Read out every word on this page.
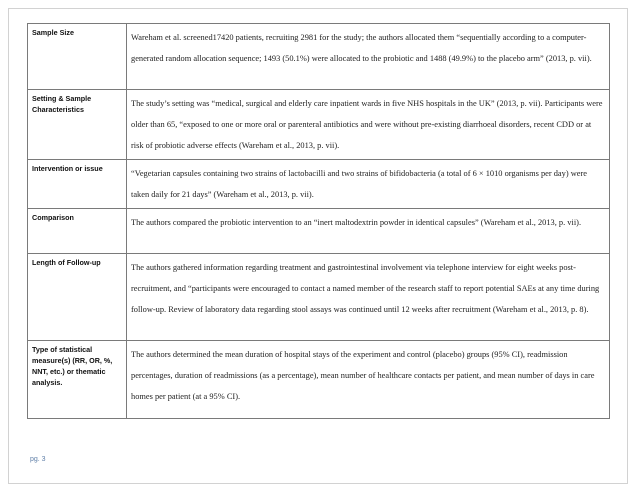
Sample Size	Wareham et al. screened17420 patients, recruiting 2981 for the study; the authors allocated them “sequentially according to a computer-generated random allocation sequence; 1493 (50.1%) were allocated to the probiotic and 1488 (49.9%) to the placebo arm” (2013, p. vii).

Setting & Sample Characteristics	The study’s setting was “medical, surgical and elderly care inpatient wards in five NHS hospitals in the UK” (2013, p. vii). Participants were older than 65, “exposed to one or more oral or parenteral antibiotics and were without pre-existing diarrhoeal disorders, recent CDD or at risk of probiotic adverse effects (Wareham et al., 2013, p. vii).

Intervention or issue	“Vegetarian capsules containing two strains of lactobacilli and two strains of bifidobacteria (a total of 6 × 1010 organisms per day) were taken daily for 21 days” (Wareham et al., 2013, p. vii).

Comparison	The authors compared the probiotic intervention to an “inert maltodextrin powder in identical capsules” (Wareham et al., 2013, p. vii).

Length of Follow-up	The authors gathered information regarding treatment and gastrointestinal involvement via telephone interview for eight weeks post-recruitment, and “participants were encouraged to contact a named member of the research staff to report potential SAEs at any time during follow-up. Review of laboratory data regarding stool assays was continued until 12 weeks after recruitment (Wareham et al., 2013, p. 8).

Type of statistical measure(s) (RR, OR, %, NNT, etc.) or thematic analysis.	The authors determined the mean duration of hospital stays of the experiment and control (placebo) groups (95% CI), readmission percentages, duration of readmissions (as a percentage), mean number of healthcare contacts per patient, and mean number of days in care homes per patient (at a 95% CI).

pg. 3
